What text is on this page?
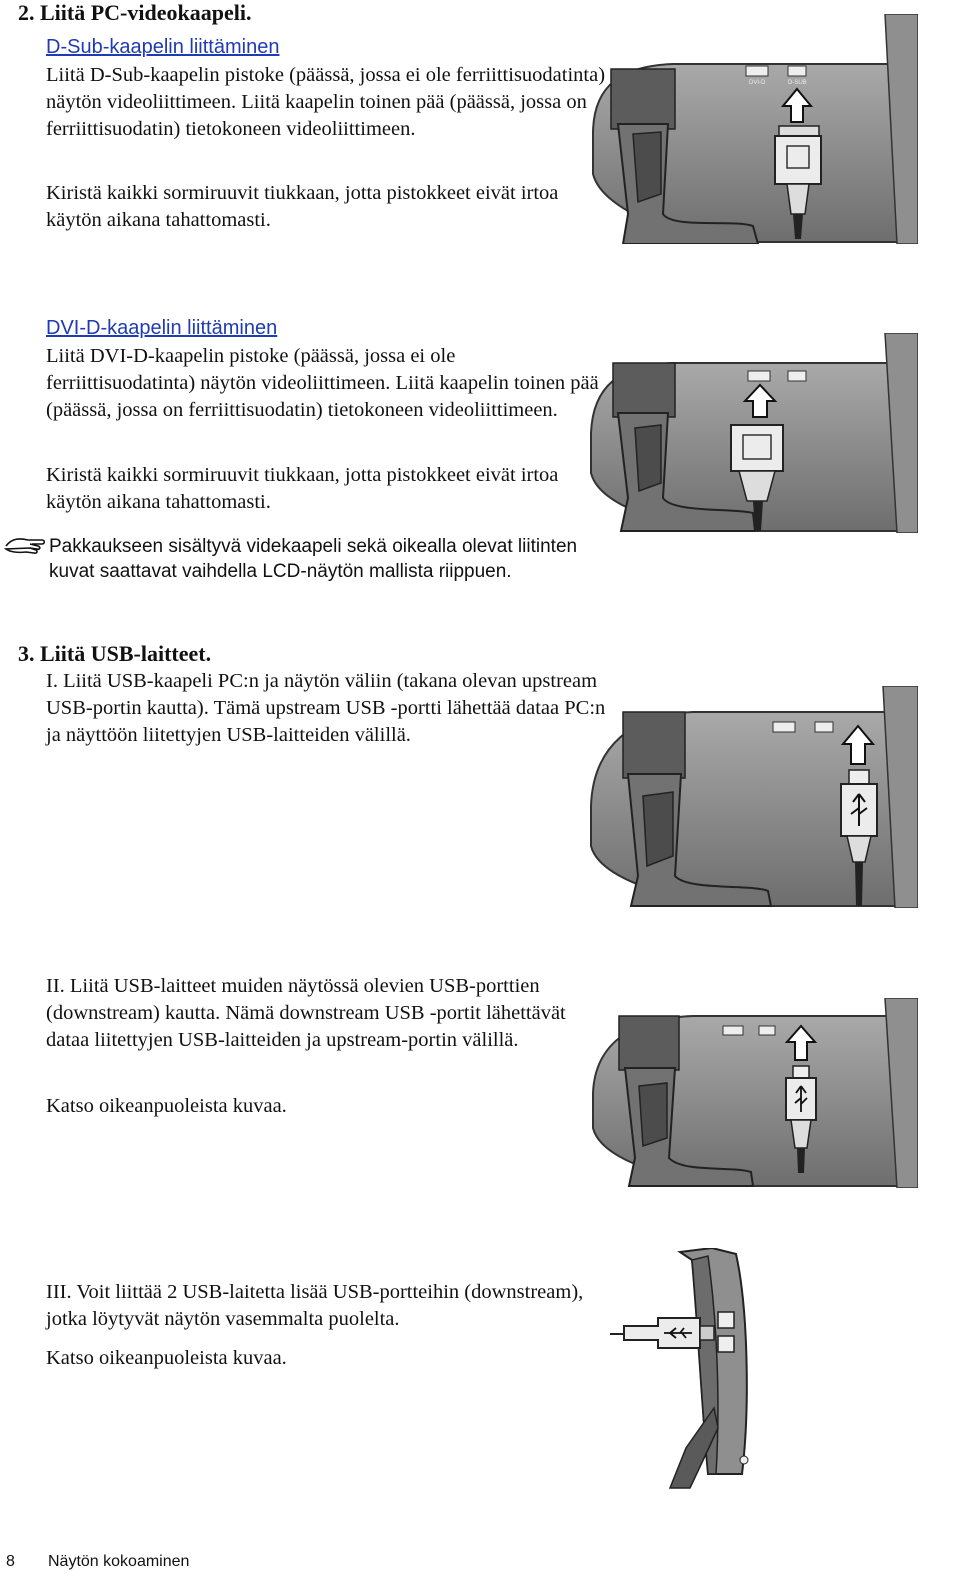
2. Liitä PC-videokaapeli.
D-Sub-kaapelin liittäminen
Liitä D-Sub-kaapelin pistoke (päässä, jossa ei ole ferriittisuodatinta) näytön videoliittimeen. Liitä kaapelin toinen pää (päässä, jossa on ferriittisuodatin) tietokoneen videoliittimeen.
Kiristä kaikki sormiruuvit tiukkaan, jotta pistokkeet eivät irtoa käytön aikana tahattomasti.
DVI-D-kaapelin liittäminen
Liitä DVI-D-kaapelin pistoke (päässä, jossa ei ole ferriittisuodatinta) näytön videoliittimeen. Liitä kaapelin toinen pää (päässä, jossa on ferriittisuodatin) tietokoneen videoliittimeen.
Kiristä kaikki sormiruuvit tiukkaan, jotta pistokkeet eivät irtoa käytön aikana tahattomasti.
Pakkaukseen sisältyvä videkaapeli sekä oikealla olevat liitinten kuvat saattavat vaihdella LCD-näytön mallista riippuen.
3. Liitä USB-laitteet.
I. Liitä USB-kaapeli PC:n ja näytön väliin (takana olevan upstream USB-portin kautta). Tämä upstream USB -portti lähettää dataa PC:n ja näyttöön liitettyjen USB-laitteiden välillä.
II. Liitä USB-laitteet muiden näytössä olevien USB-porttien (downstream) kautta. Nämä downstream USB -portit lähettävät dataa liitettyjen USB-laitteiden ja upstream-portin välillä.
Katso oikeanpuoleista kuvaa.
III. Voit liittää 2 USB-laitetta lisää USB-portteihin (downstream), jotka löytyvät näytön vasemmalta puolelta.
Katso oikeanpuoleista kuvaa.
DVI-D	D-SUB
8 Näytön kokoaminen
